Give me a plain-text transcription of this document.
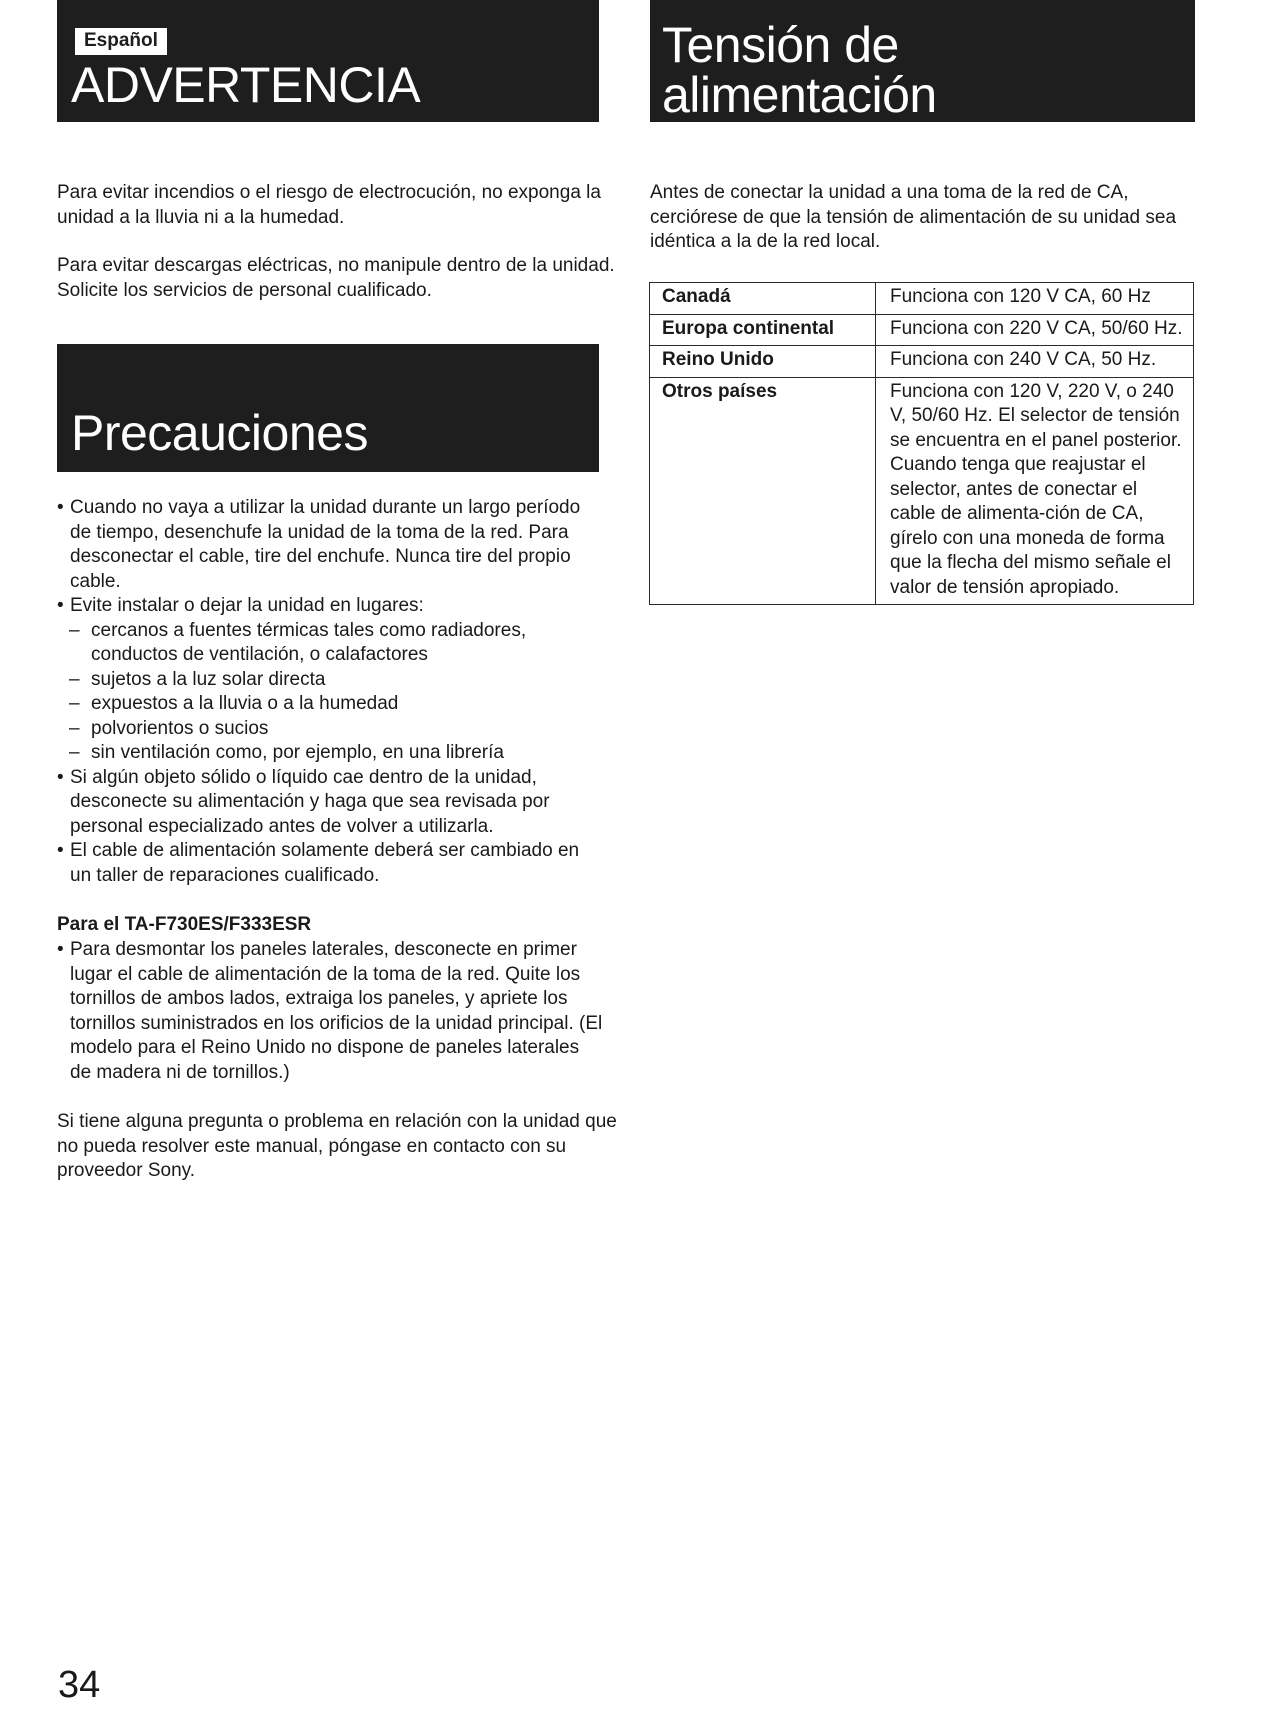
Español
ADVERTENCIA
Tensión de
alimentación

Para evitar incendios o el riesgo de electrocución, no exponga la unidad a la lluvia ni a la humedad.

Para evitar descargas eléctricas, no manipule dentro de la unidad. Solicite los servicios de personal cualificado.

Precauciones
• Cuando no vaya a utilizar la unidad durante un largo período de tiempo, desenchufe la unidad de la toma de la red. Para desconectar el cable, tire del enchufe. Nunca tire del propio cable.
• Evite instalar o dejar la unidad en lugares:
– cercanos a fuentes térmicas tales como radiadores, conductos de ventilación, o calafactores
– sujetos a la luz solar directa
– expuestos a la lluvia o a la humedad
– polvorientos o sucios
– sin ventilación como, por ejemplo, en una librería
• Si algún objeto sólido o líquido cae dentro de la unidad, desconecte su alimentación y haga que sea revisada por personal especializado antes de volver a utilizarla.
• El cable de alimentación solamente deberá ser cambiado en un taller de reparaciones cualificado.
Para el TA-F730ES/F333ESR
• Para desmontar los paneles laterales, desconecte en primer lugar el cable de alimentación de la toma de la red. Quite los tornillos de ambos lados, extraiga los paneles, y apriete los tornillos suministrados en los orificios de la unidad principal. (El modelo para el Reino Unido no dispone de paneles laterales de madera ni de tornillos.)
Si tiene alguna pregunta o problema en relación con la unidad que no pueda resolver este manual, póngase en contacto con su proveedor Sony.

Antes de conectar la unidad a una toma de la red de CA, cerciórese de que la tensión de alimentación de su unidad sea idéntica a la de la red local.

Canadá	Funciona con 120 V CA, 60 Hz
Europa continental	Funciona con 220 V CA, 50/60 Hz.
Reino Unido	Funciona con 240 V CA, 50 Hz.
Otros países	Funciona con 120 V, 220 V, o 240 V, 50/60 Hz. El selector de tensión se encuentra en el panel posterior. Cuando tenga que reajustar el selector, antes de conectar el cable de alimenta-ción de CA, gírelo con una moneda de forma que la flecha del mismo señale el valor de tensión apropiado.
34
